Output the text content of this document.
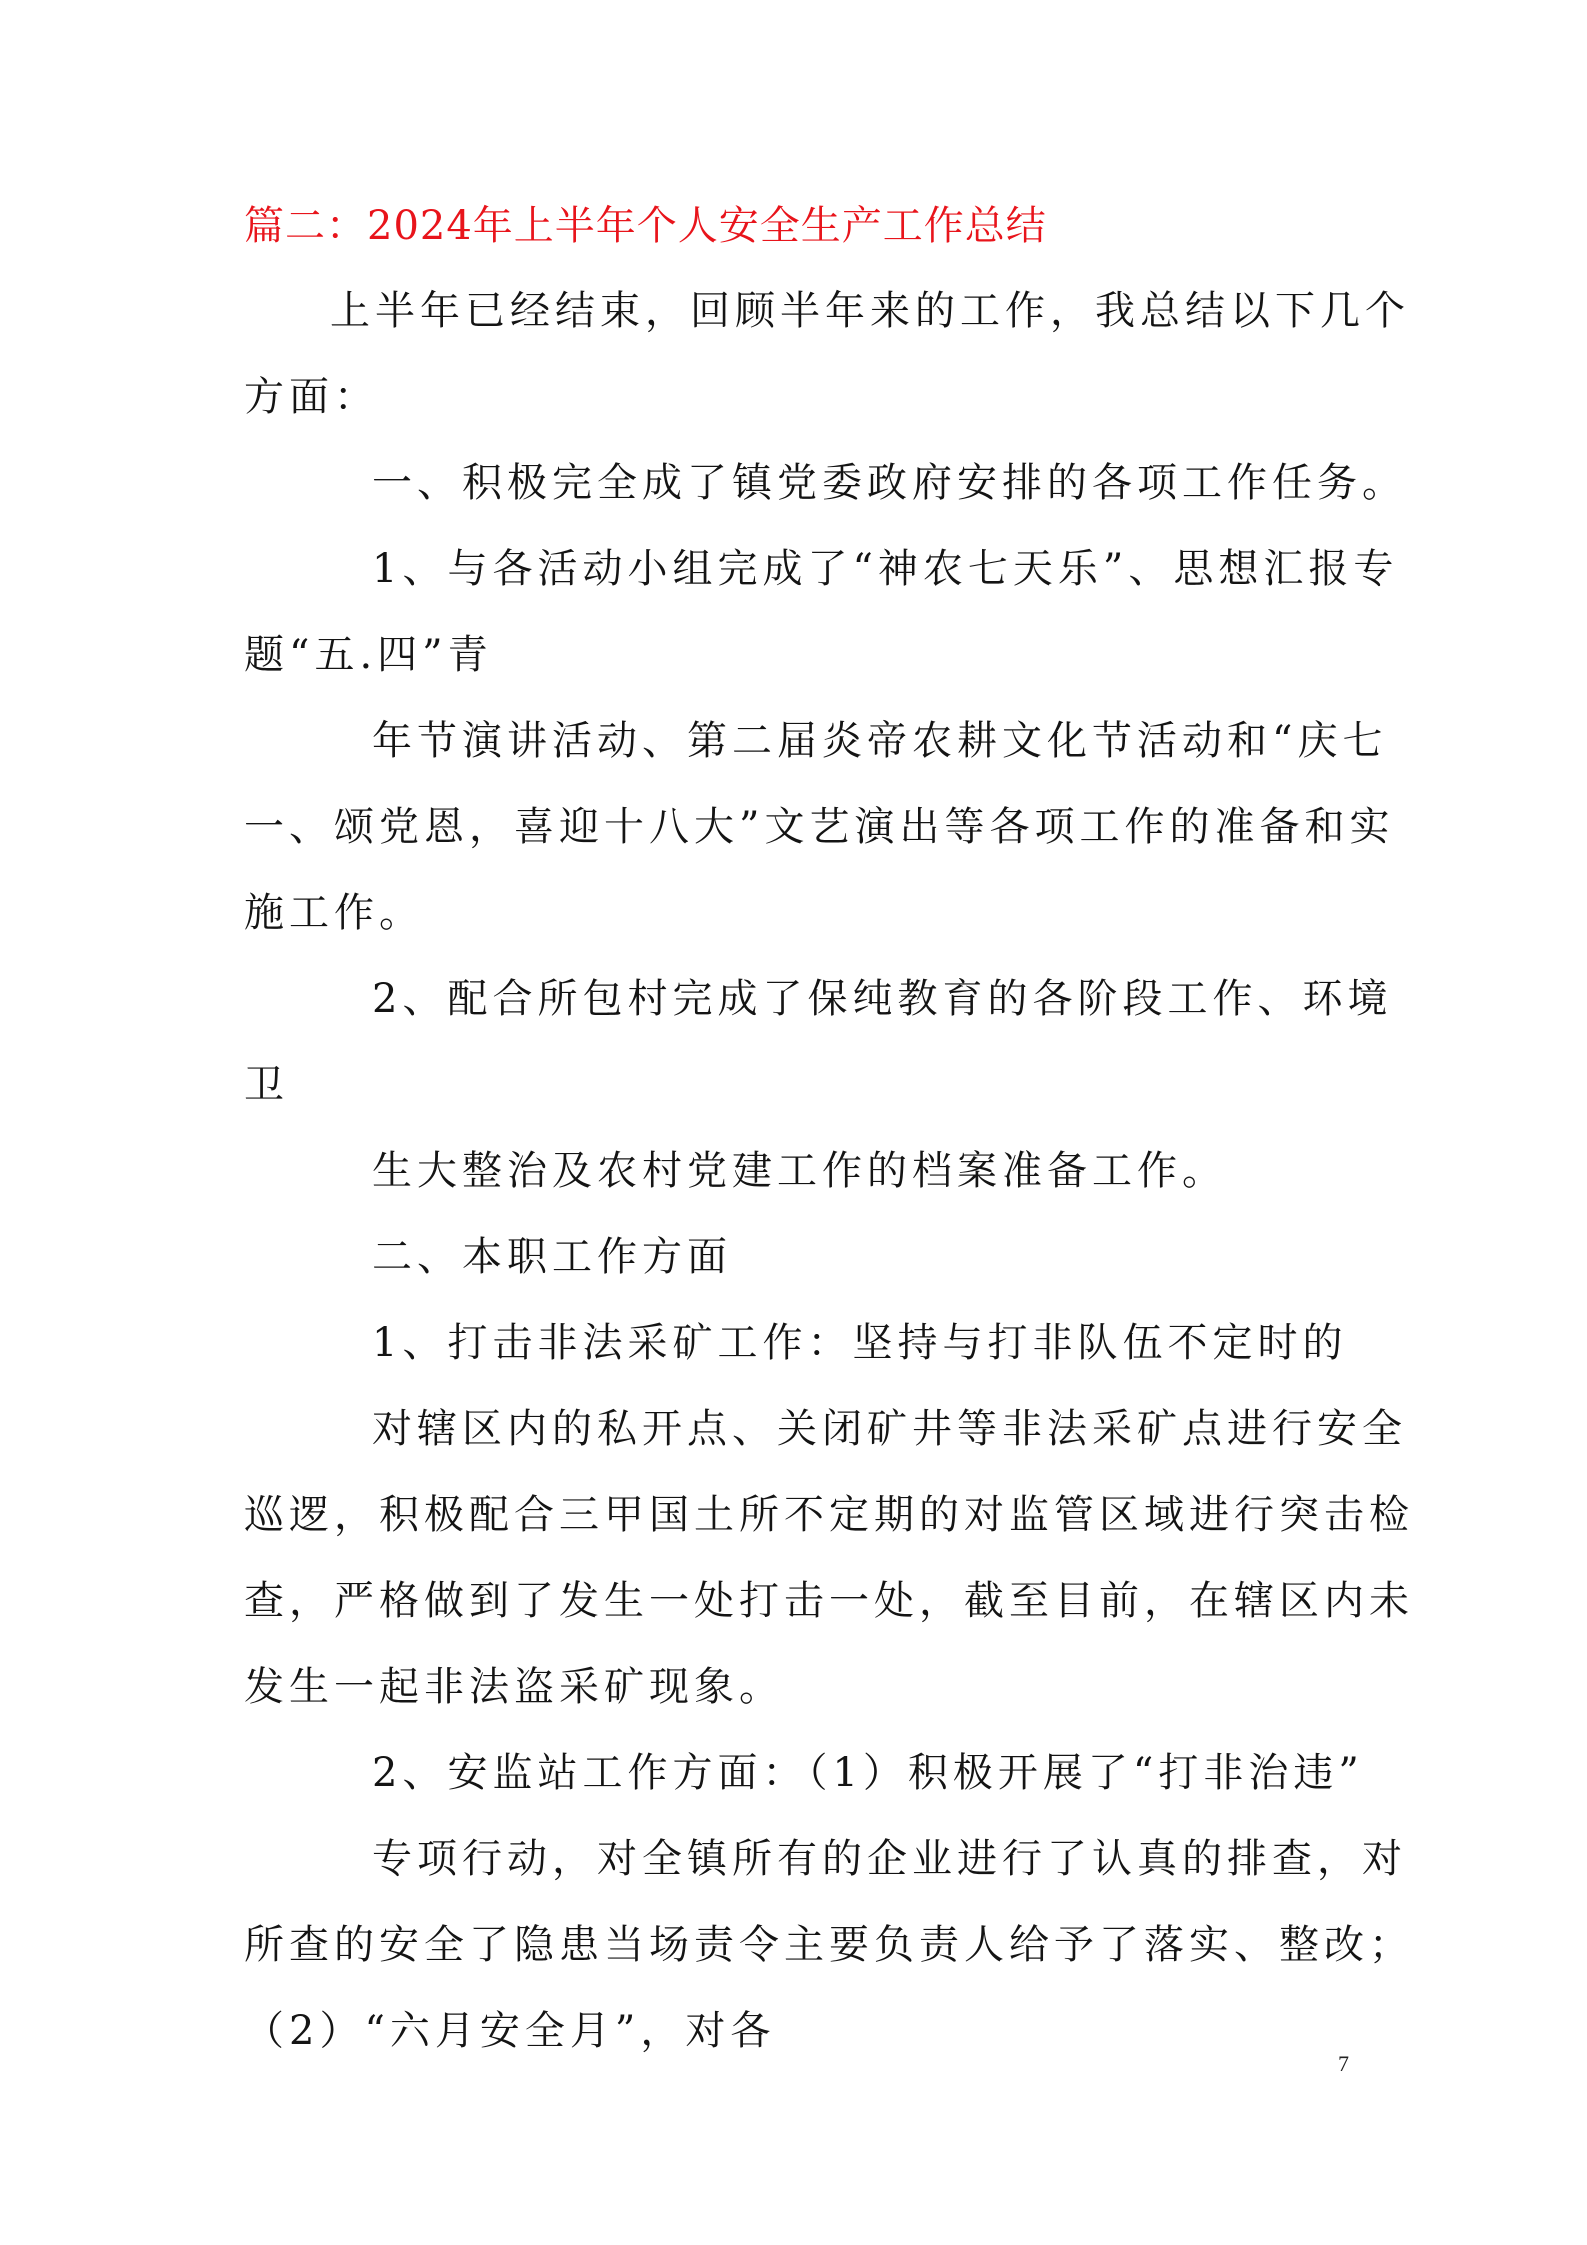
篇二：2024年上半年个人安全生产工作总结
上半年已经结束，回顾半年来的工作，我总结以下几个
方面：
一、积极完全成了镇党委政府安排的各项工作任务。
1、与各活动小组完成了“神农七天乐”、思想汇报专
题“五.四”青
年节演讲活动、第二届炎帝农耕文化节活动和“庆七
一、颂党恩，喜迎十八大”文艺演出等各项工作的准备和实
施工作。
2、配合所包村完成了保纯教育的各阶段工作、环境
卫
生大整治及农村党建工作的档案准备工作。
二、本职工作方面
1、打击非法采矿工作：坚持与打非队伍不定时的
对辖区内的私开点、关闭矿井等非法采矿点进行安全
巡逻，积极配合三甲国土所不定期的对监管区域进行突击检
查，严格做到了发生一处打击一处，截至目前，在辖区内未
发生一起非法盗采矿现象。
2、安监站工作方面：（1）积极开展了“打非治违”
专项行动，对全镇所有的企业进行了认真的排查，对
所查的安全了隐患当场责令主要负责人给予了落实、整改；
（2）“六月安全月”，对各
7
